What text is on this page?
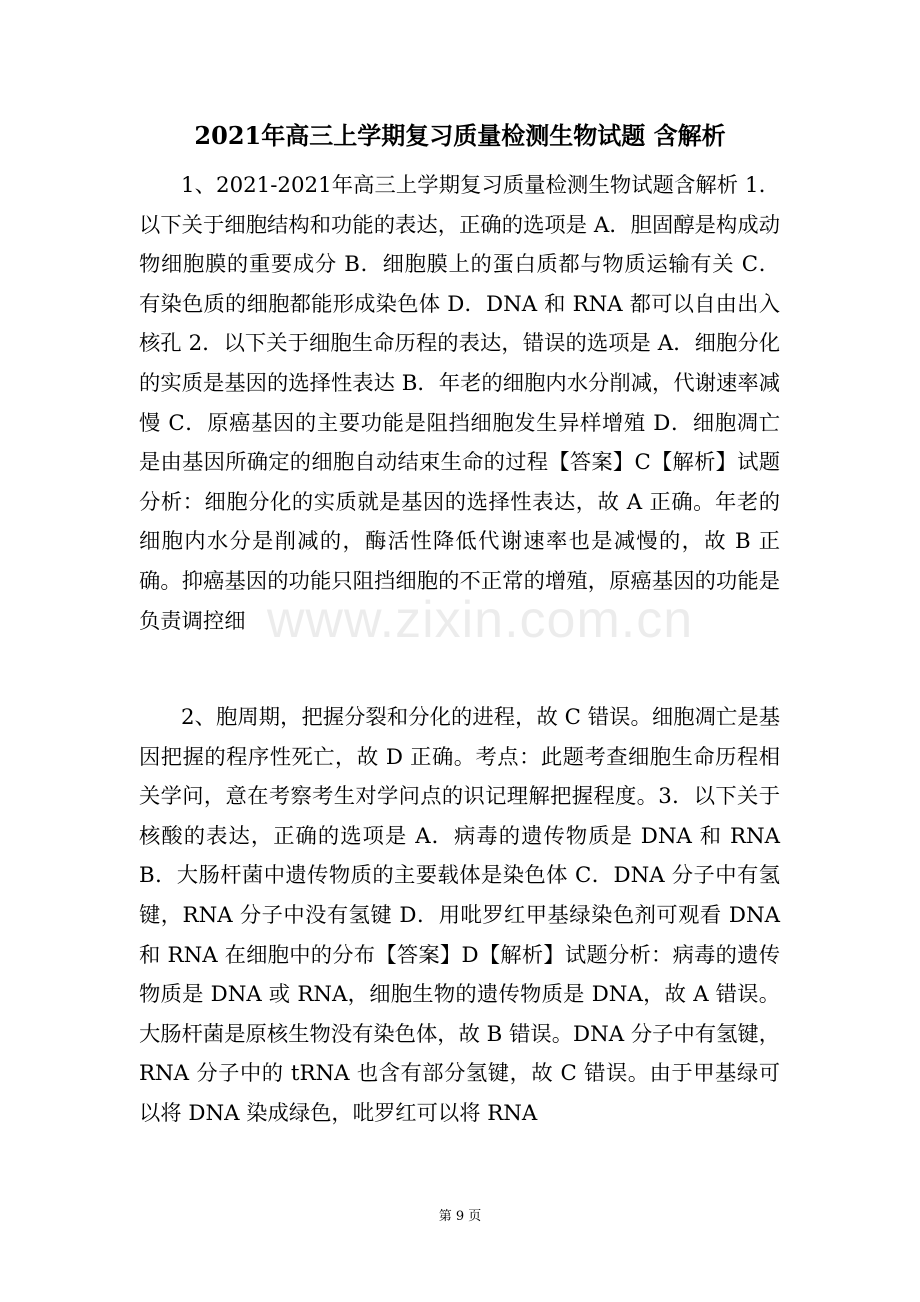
www.zixin.com.cn
2021年高三上学期复习质量检测生物试题 含解析

1、2021-2021年高三上学期复习质量检测生物试题含解析 1．以下关于细胞结构和功能的表达，正确的选项是 A．胆固醇是构成动物细胞膜的重要成分 B．细胞膜上的蛋白质都与物质运输有关 C．有染色质的细胞都能形成染色体 D．DNA 和 RNA 都可以自由出入核孔 2．以下关于细胞生命历程的表达，错误的选项是 A．细胞分化的实质是基因的选择性表达 B．年老的细胞内水分削减，代谢速率减慢 C．原癌基因的主要功能是阻挡细胞发生异样增殖 D．细胞凋亡是由基因所确定的细胞自动结束生命的过程【答案】C【解析】试题分析：细胞分化的实质就是基因的选择性表达，故 A 正确。年老的细胞内水分是削减的，酶活性降低代谢速率也是减慢的，故 B 正确。抑癌基因的功能只阻挡细胞的不正常的增殖，原癌基因的功能是负责调控细

2、胞周期，把握分裂和分化的进程，故 C 错误。细胞凋亡是基因把握的程序性死亡，故 D 正确。考点：此题考查细胞生命历程相关学问，意在考察考生对学问点的识记理解把握程度。3．以下关于核酸的表达，正确的选项是 A．病毒的遗传物质是 DNA 和 RNAB．大肠杆菌中遗传物质的主要载体是染色体 C．DNA 分子中有氢键，RNA 分子中没有氢键 D．用吡罗红甲基绿染色剂可观看 DNA 和 RNA 在细胞中的分布【答案】D【解析】试题分析：病毒的遗传物质是 DNA 或 RNA，细胞生物的遗传物质是 DNA，故 A 错误。大肠杆菌是原核生物没有染色体，故 B 错误。DNA 分子中有氢键，RNA 分子中的 tRNA 也含有部分氢键，故 C 错误。由于甲基绿可以将 DNA 染成绿色，吡罗红可以将 RNA

第 9 页
